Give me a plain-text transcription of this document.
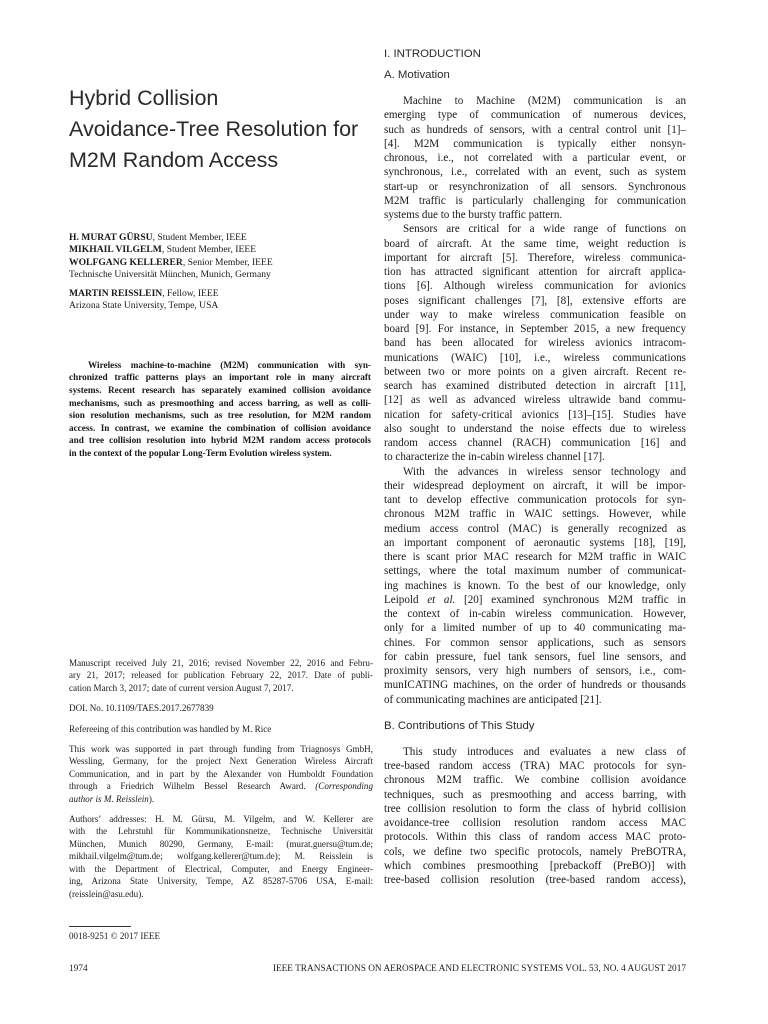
Hybrid Collision
Avoidance-Tree Resolution for
M2M Random Access
H. MURAT GÜRSU, Student Member, IEEE
MIKHAIL VILGELM, Student Member, IEEE
WOLFGANG KELLERER, Senior Member, IEEE
Technische Universität München, Munich, Germany
MARTIN REISSLEIN, Fellow, IEEE
Arizona State University, Tempe, USA
Wireless machine-to-machine (M2M) communication with syn-
chronized traffic patterns plays an important role in many aircraft
systems. Recent research has separately examined collision avoidance
mechanisms, such as presmoothing and access barring, as well as colli-
sion resolution mechanisms, such as tree resolution, for M2M random
access. In contrast, we examine the combination of collision avoidance
and tree collision resolution into hybrid M2M random access protocols
in the context of the popular Long-Term Evolution wireless system.

Manuscript received July 21, 2016; revised November 22, 2016 and Febru-
ary 21, 2017; released for publication February 22, 2017. Date of publi-
cation March 3, 2017; date of current version August 7, 2017.

DOI. No. 10.1109/TAES.2017.2677839

Refereeing of this contribution was handled by M. Rice

This work was supported in part through funding from Triagnosys GmbH,
Wessling, Germany, for the project Next Generation Wireless Aircraft
Communication, and in part by the Alexander von Humboldt Foundation
through a Friedrich Wilhelm Bessel Research Award. (Corresponding
author is M. Reisslein).

Authors’ addresses: H. M. Gürsu, M. Vilgelm, and W. Kellerer are
with the Lehrstuhl für Kommunikationsnetze, Technische Universität
München, Munich 80290, Germany, E-mail: (murat.guersu@tum.de;
mikhail.vilgelm@tum.de; wolfgang.kellerer@tum.de); M. Reisslein is
with the Department of Electrical, Computer, and Energy Engineer-
ing, Arizona State University, Tempe, AZ 85287-5706 USA, E-mail:
(reisslein@asu.edu).

0018-9251 © 2017 IEEE
1974	IEEE TRANSACTIONS ON AEROSPACE AND ELECTRONIC SYSTEMS VOL. 53, NO. 4 AUGUST 2017
I. INTRODUCTION
A. Motivation
Machine to Machine (M2M) communication is an
emerging type of communication of numerous devices,
such as hundreds of sensors, with a central control unit [1]–
[4]. M2M communication is typically either nonsyn-
chronous, i.e., not correlated with a particular event, or
synchronous, i.e., correlated with an event, such as system
start-up or resynchronization of all sensors. Synchronous
M2M traffic is particularly challenging for communication
systems due to the bursty traffic pattern.
Sensors are critical for a wide range of functions on
board of aircraft. At the same time, weight reduction is
important for aircraft [5]. Therefore, wireless communica-
tion has attracted significant attention for aircraft applica-
tions [6]. Although wireless communication for avionics
poses significant challenges [7], [8], extensive efforts are
under way to make wireless communication feasible on
board [9]. For instance, in September 2015, a new frequency
band has been allocated for wireless avionics intracom-
munications (WAIC) [10], i.e., wireless communications
between two or more points on a given aircraft. Recent re-
search has examined distributed detection in aircraft [11],
[12] as well as advanced wireless ultrawide band commu-
nication for safety-critical avionics [13]–[15]. Studies have
also sought to understand the noise effects due to wireless
random access channel (RACH) communication [16] and
to characterize the in-cabin wireless channel [17].
With the advances in wireless sensor technology and
their widespread deployment on aircraft, it will be impor-
tant to develop effective communication protocols for syn-
chronous M2M traffic in WAIC settings. However, while
medium access control (MAC) is generally recognized as
an important component of aeronautic systems [18], [19],
there is scant prior MAC research for M2M traffic in WAIC
settings, where the total maximum number of communicat-
ing machines is known. To the best of our knowledge, only
Leipold et al. [20] examined synchronous M2M traffic in
the context of in-cabin wireless communication. However,
only for a limited number of up to 40 communicating ma-
chines. For common sensor applications, such as sensors
for cabin pressure, fuel tank sensors, fuel line sensors, and
proximity sensors, very high numbers of sensors, i.e., com-
munICATING machines, on the order of hundreds or thousands
of communicating machines are anticipated [21].
B. Contributions of This Study
This study introduces and evaluates a new class of
tree-based random access (TRA) MAC protocols for syn-
chronous M2M traffic. We combine collision avoidance
techniques, such as presmoothing and access barring, with
tree collision resolution to form the class of hybrid collision
avoidance-tree collision resolution random access MAC
protocols. Within this class of random access MAC proto-
cols, we define two specific protocols, namely PreBOTRA,
which combines presmoothing [prebackoff (PreBO)] with
tree-based collision resolution (tree-based random access),
